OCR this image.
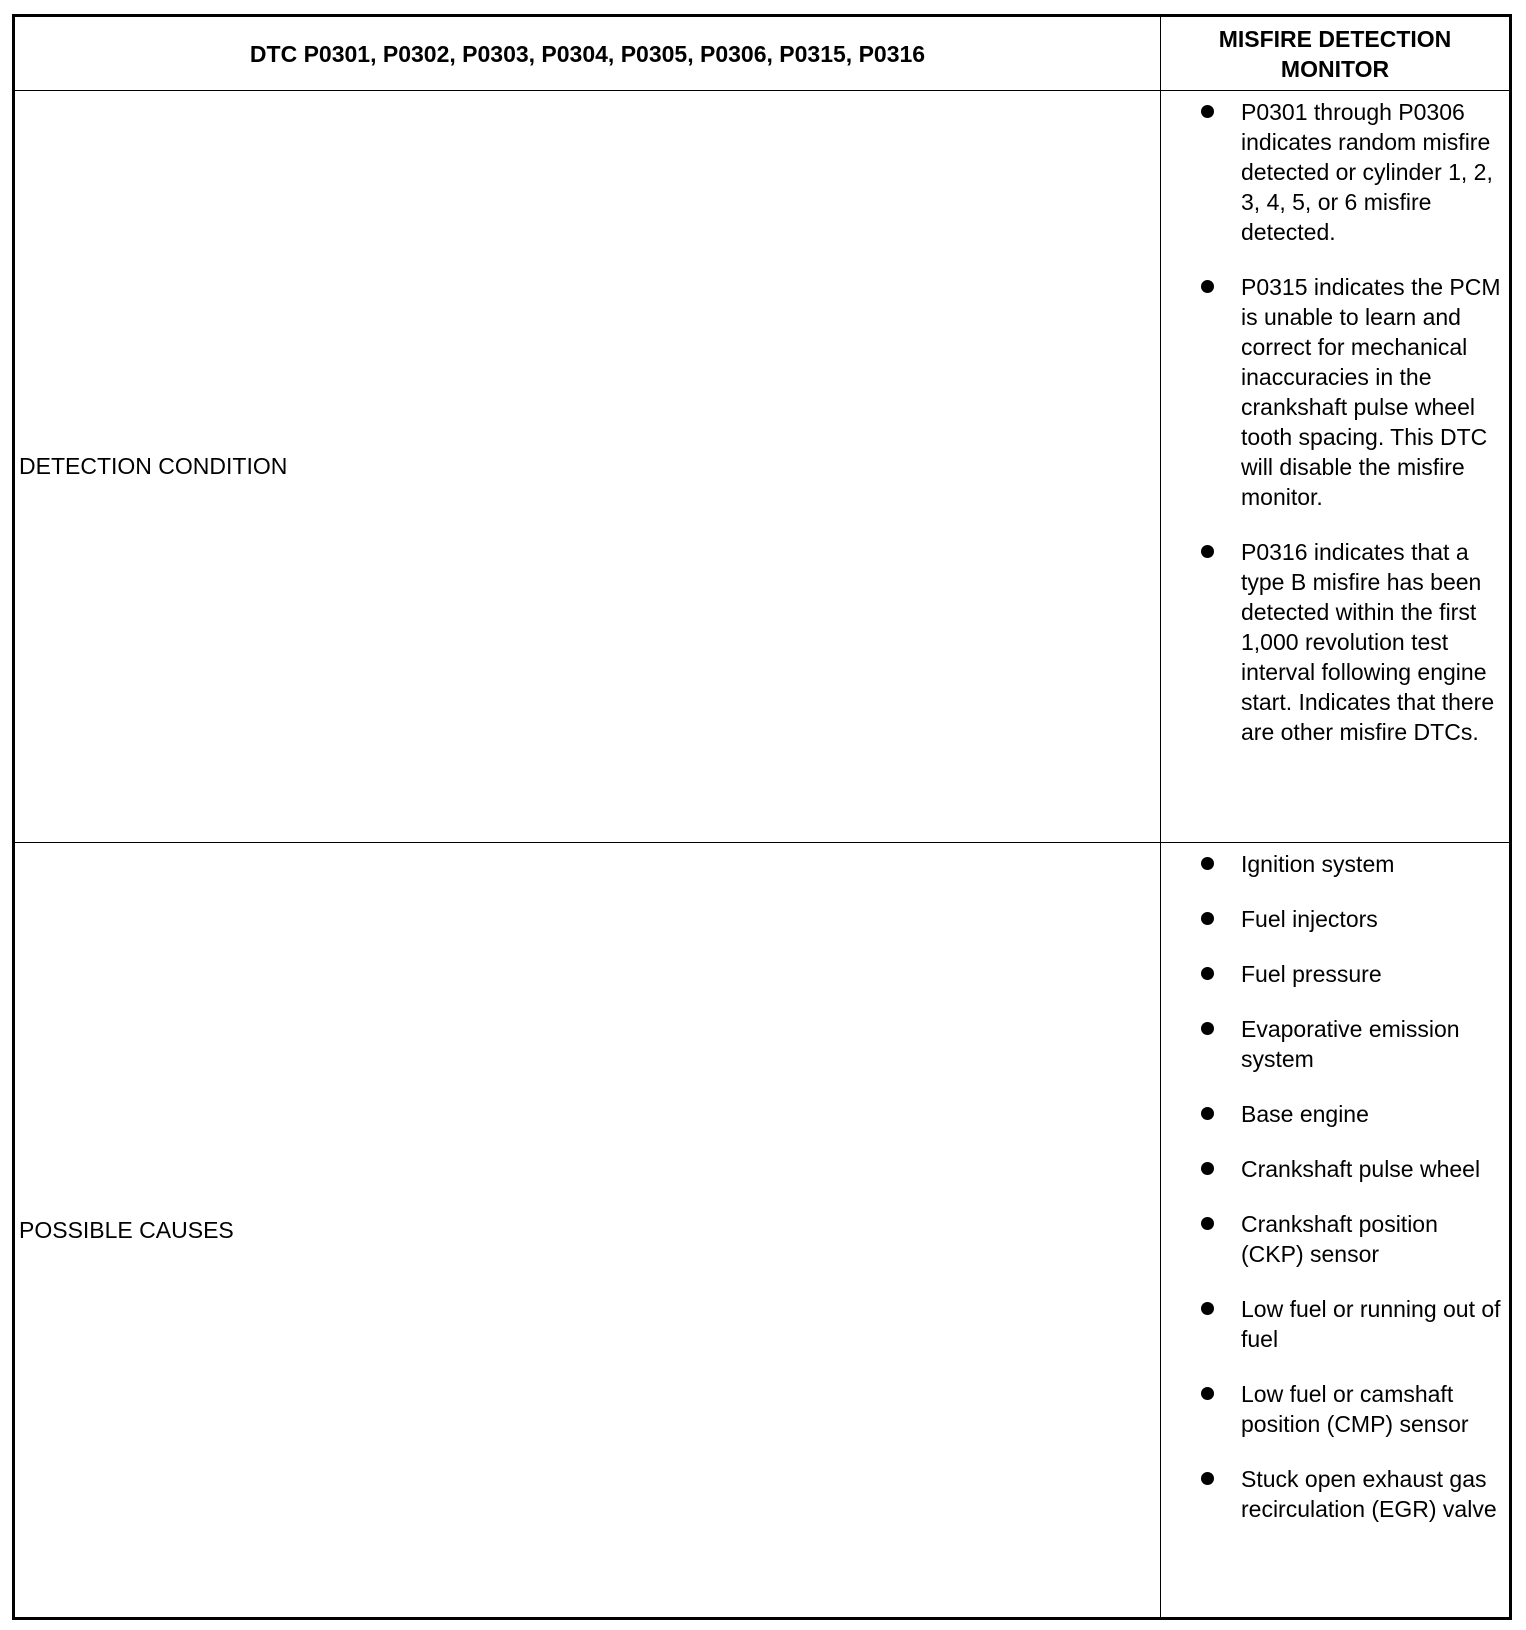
DTC P0301, P0302, P0303, P0304, P0305, P0306, P0315, P0316
MISFIRE DETECTION MONITOR
DETECTION CONDITION
P0301 through P0306 indicates random misfire detected or cylinder 1, 2, 3, 4, 5, or 6 misfire detected.
P0315 indicates the PCM is unable to learn and correct for mechanical inaccuracies in the crankshaft pulse wheel tooth spacing. This DTC will disable the misfire monitor.
P0316 indicates that a type B misfire has been detected within the first 1,000 revolution test interval following engine start. Indicates that there are other misfire DTCs.
POSSIBLE CAUSES
Ignition system
Fuel injectors
Fuel pressure
Evaporative emission system
Base engine
Crankshaft pulse wheel
Crankshaft position (CKP) sensor
Low fuel or running out of fuel
Low fuel or camshaft position (CMP) sensor
Stuck open exhaust gas recirculation (EGR) valve
